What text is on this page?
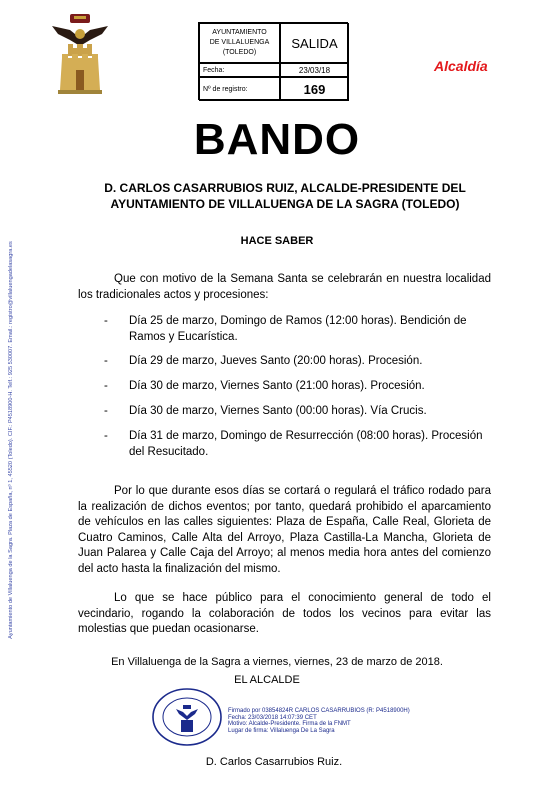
Ayuntamiento de Villaluenga de la Sagra. Plaza de España, nº 1, 45520 (Toledo). CIF.: P4518900-H. Telf.: 925 530007. Email.: registro@villaluengadelasagra.es
AYUNTAMIENTO
DE VILLALUENGA
(TOLEDO)
SALIDA
Fecha:	23/03/18
Nº de registro:	169
Alcaldía
BANDO
D. CARLOS CASARRUBIOS RUIZ, ALCALDE-PRESIDENTE DEL
AYUNTAMIENTO DE VILLALUENGA DE LA SAGRA (TOLEDO)
HACE SABER
Que con motivo de la Semana Santa se celebrarán en nuestra localidad los tradicionales actos y procesiones:
- Día 25 de marzo, Domingo de Ramos (12:00 horas). Bendición de Ramos y Eucarística.
- Día 29 de marzo, Jueves Santo (20:00 horas). Procesión.
- Día 30 de marzo, Viernes Santo (21:00 horas). Procesión.
- Día 30 de marzo, Viernes Santo (00:00 horas). Vía Crucis.
- Día 31 de marzo, Domingo de Resurrección (08:00 horas). Procesión del Resucitado.
Por lo que durante esos días se cortará o regulará el tráfico rodado para la realización de dichos eventos; por tanto, quedará prohibido el aparcamiento de vehículos en las calles siguientes: Plaza de España, Calle Real, Glorieta de Cuatro Caminos, Calle Alta del Arroyo, Plaza Castilla-La Mancha, Glorieta de Juan Palarea y Calle Caja del Arroyo; al menos media hora antes del comienzo del acto hasta la finalización del mismo.
Lo que se hace público para el conocimiento general de todo el vecindario, rogando la colaboración de todos los vecinos para evitar las molestias que puedan ocasionarse.
En Villaluenga de la Sagra a viernes, viernes, 23 de marzo de 2018.
EL ALCALDE
Firmado por 03854824R CARLOS CASARRUBIOS (R: P4518900H)
Fecha: 23/03/2018 14:07:39 CET
Motivo: Alcalde-Presidente. Firma de la FNMT
Lugar de firma: Villaluenga De La Sagra
D. Carlos Casarrubios Ruiz.
